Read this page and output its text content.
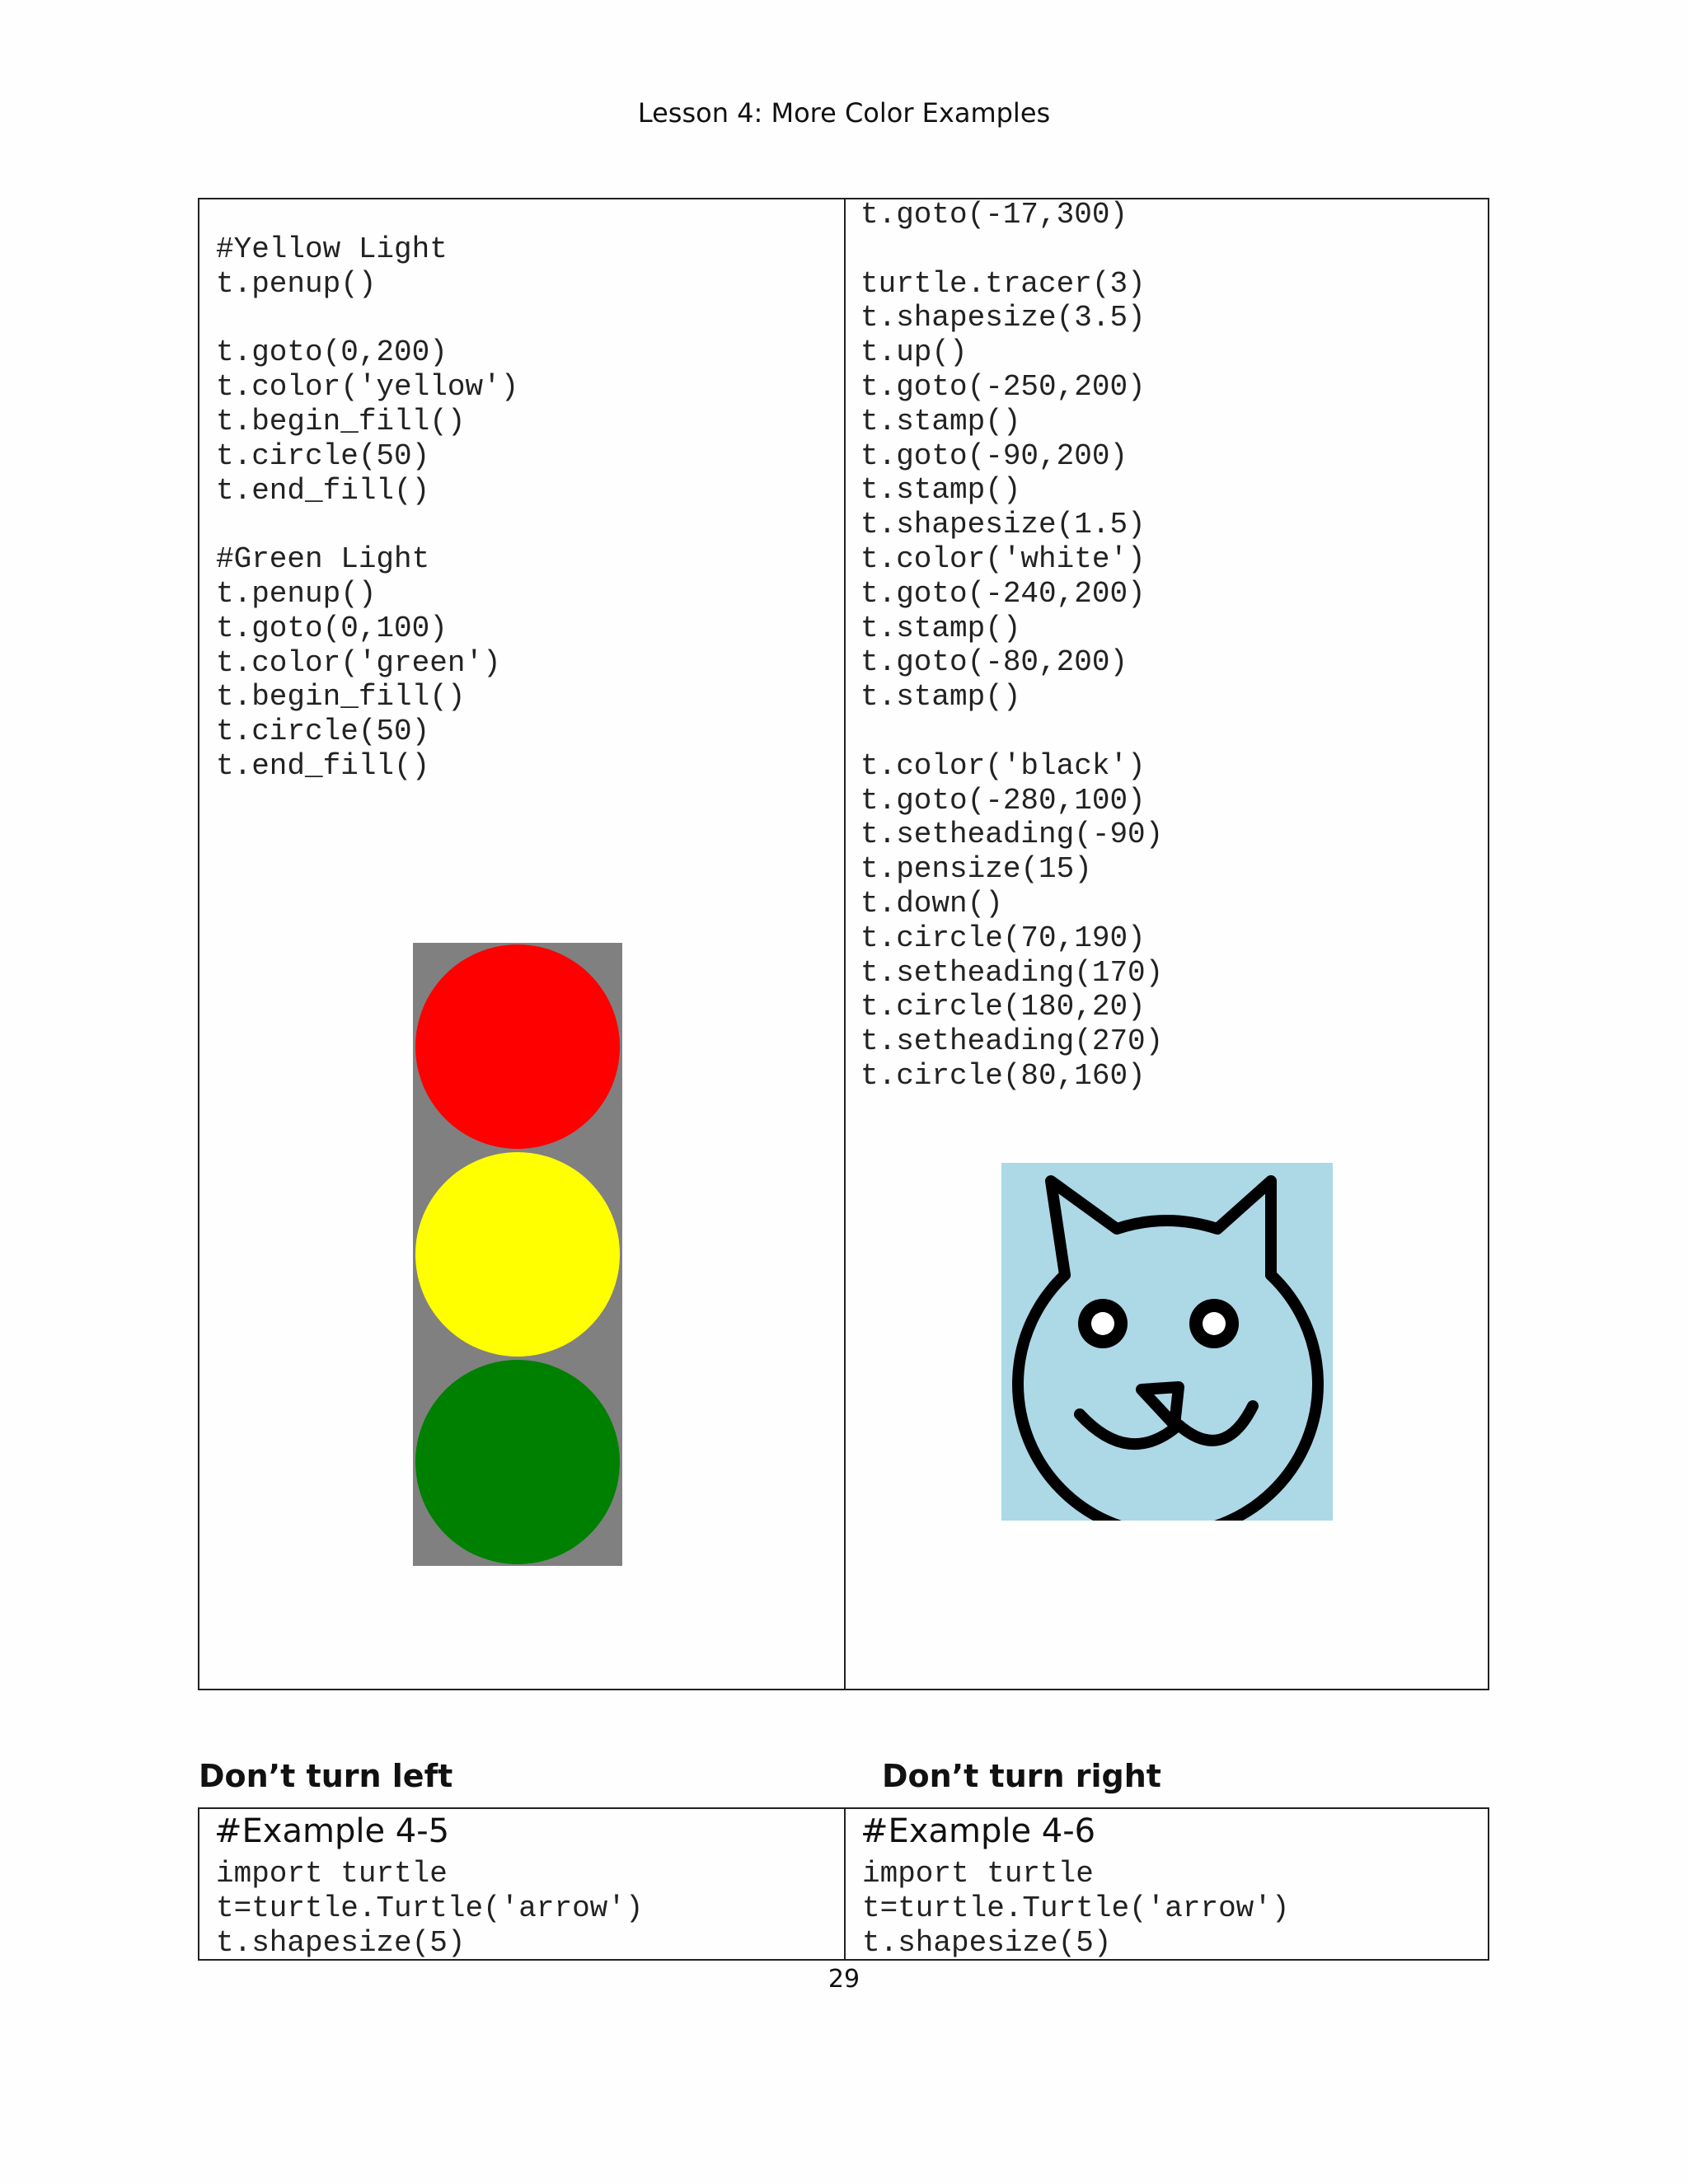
Lesson 4: More Color Examples
#Yellow Light
t.penup()

t.goto(0,200)
t.color('yellow')
t.begin_fill()
t.circle(50)
t.end_fill()

#Green Light
t.penup()
t.goto(0,100)
t.color('green')
t.begin_fill()
t.circle(50)
t.end_fill()
t.goto(-17,300)

turtle.tracer(3)
t.shapesize(3.5)
t.up()
t.goto(-250,200)
t.stamp()
t.goto(-90,200)
t.stamp()
t.shapesize(1.5)
t.color('white')
t.goto(-240,200)
t.stamp()
t.goto(-80,200)
t.stamp()

t.color('black')
t.goto(-280,100)
t.setheading(-90)
t.pensize(15)
t.down()
t.circle(70,190)
t.setheading(170)
t.circle(180,20)
t.setheading(270)
t.circle(80,160)
Don’t turn left	Don’t turn right
#Example 4-5
import turtle
t=turtle.Turtle('arrow')
t.shapesize(5)
#Example 4-6
import turtle
t=turtle.Turtle('arrow')
t.shapesize(5)
29
